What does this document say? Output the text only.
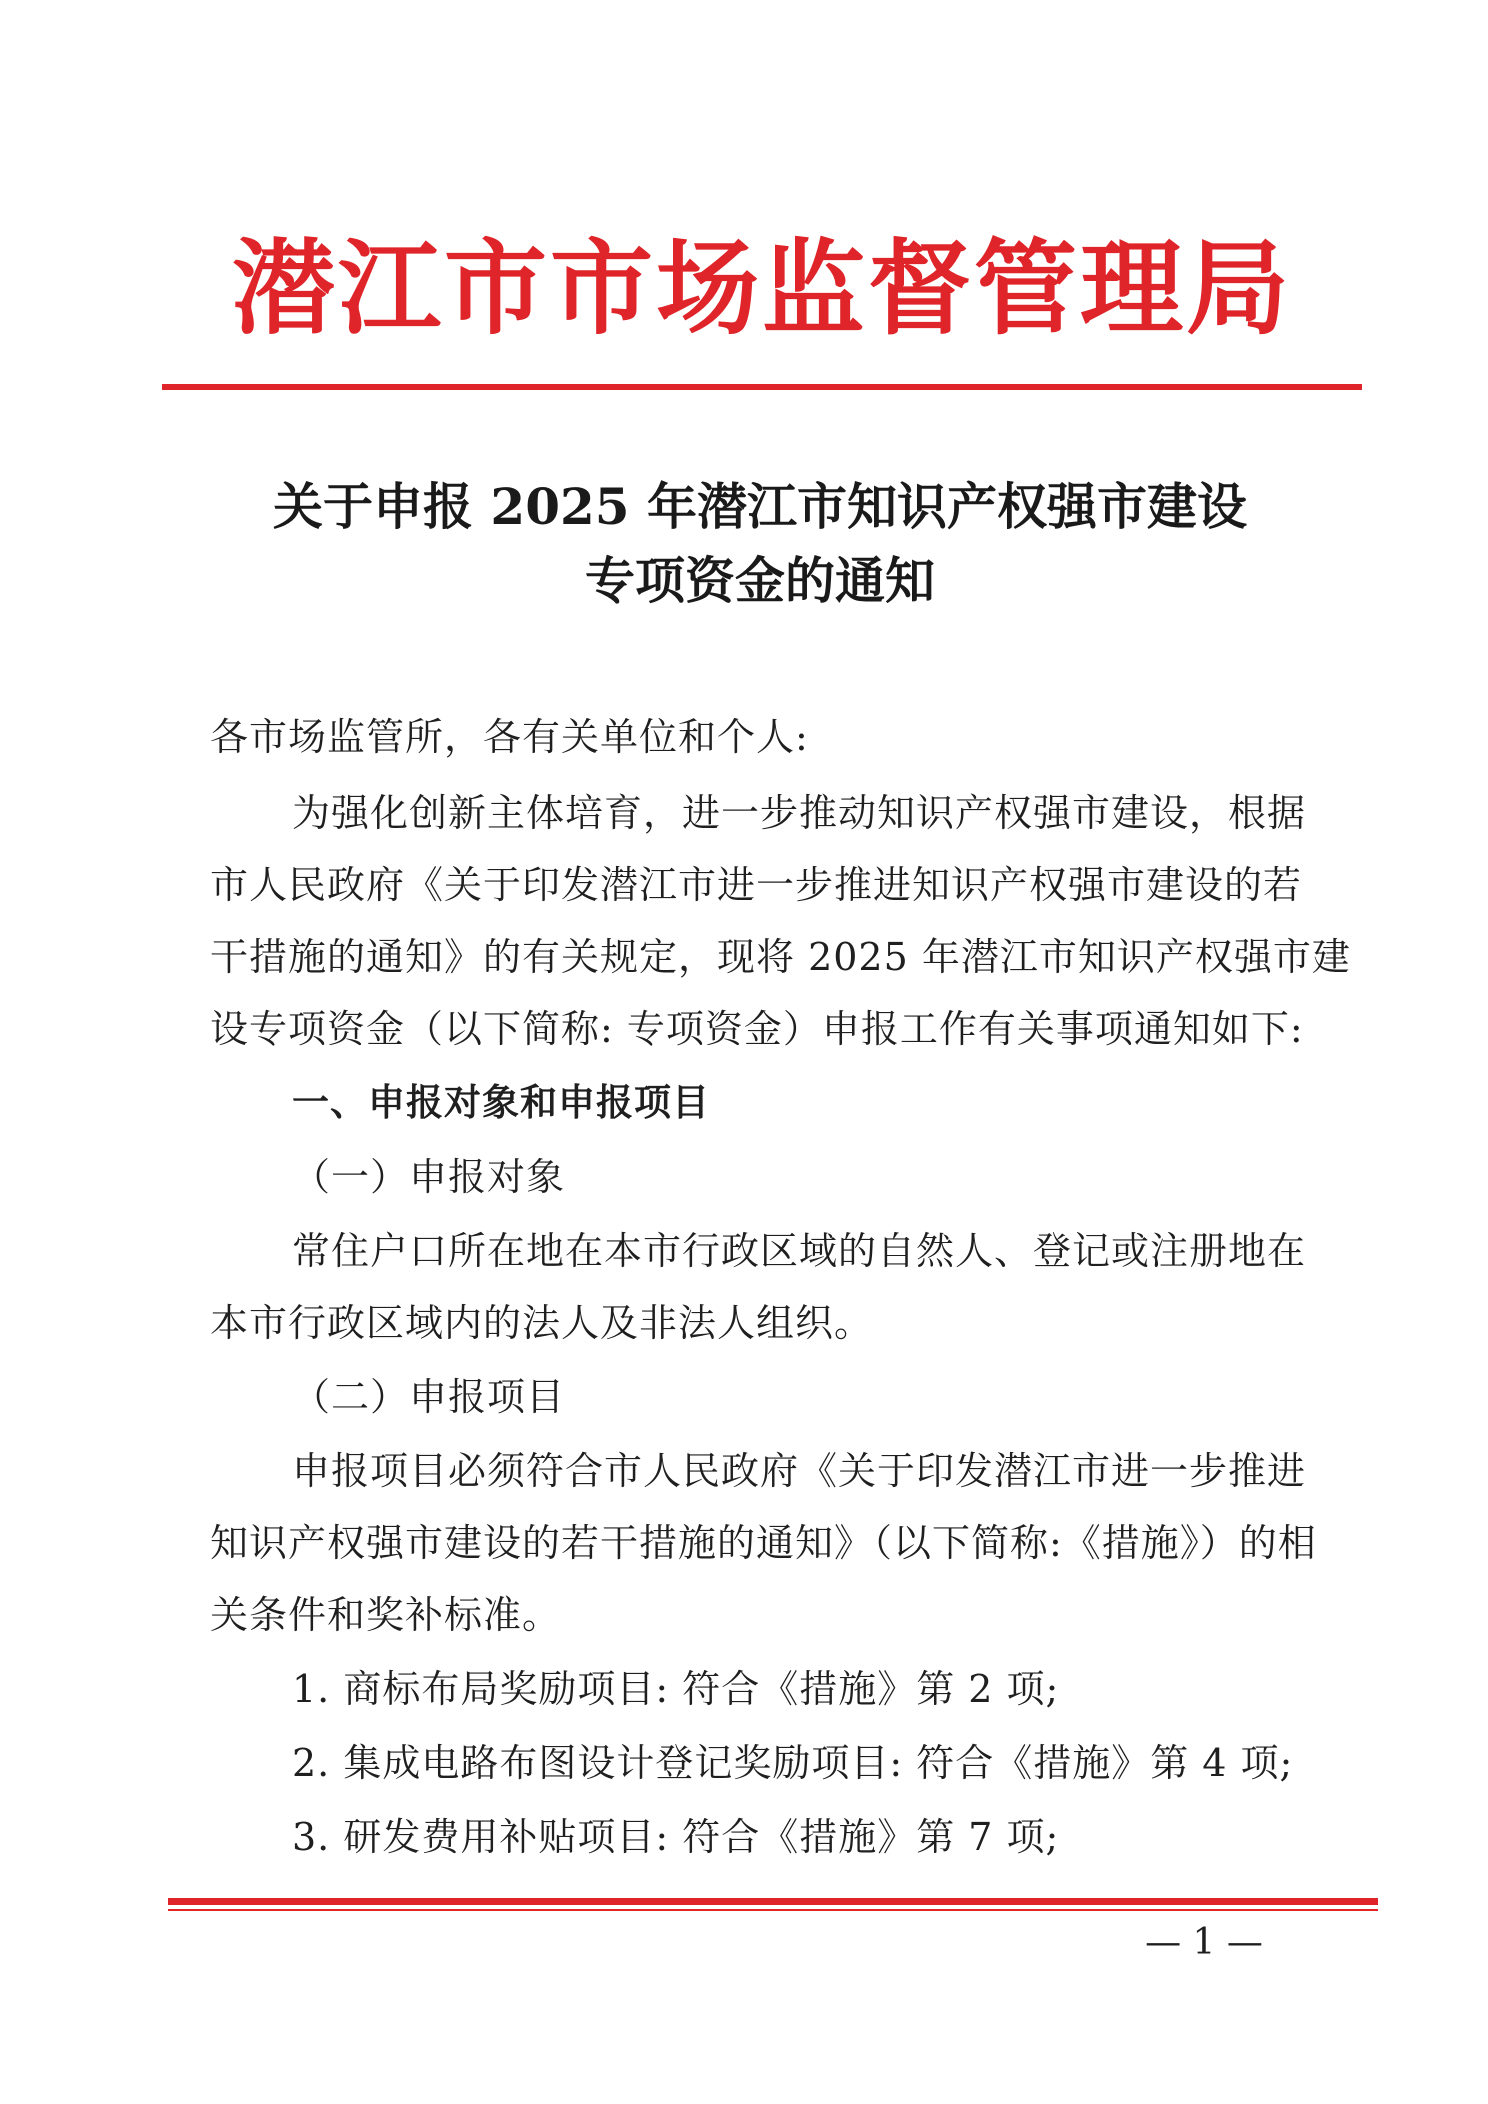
潜江市市场监督管理局
关于申报 2025 年潜江市知识产权强市建设
专项资金的通知
各市场监管所，各有关单位和个人:
为强化创新主体培育，进一步推动知识产权强市建设，根据
市人民政府《关于印发潜江市进一步推进知识产权强市建设的若
干措施的通知》的有关规定，现将 2025 年潜江市知识产权强市建
设专项资金（以下简称: 专项资金）申报工作有关事项通知如下:
一、申报对象和申报项目
（一）申报对象
常住户口所在地在本市行政区域的自然人、登记或注册地在
本市行政区域内的法人及非法人组织。
（二）申报项目
申报项目必须符合市人民政府《关于印发潜江市进一步推进
知识产权强市建设的若干措施的通知》（以下简称:《措施》）的相
关条件和奖补标准。
1. 商标布局奖励项目: 符合《措施》第 2 项;
2. 集成电路布图设计登记奖励项目: 符合《措施》第 4 项;
3. 研发费用补贴项目: 符合《措施》第 7 项;
— 1 —
